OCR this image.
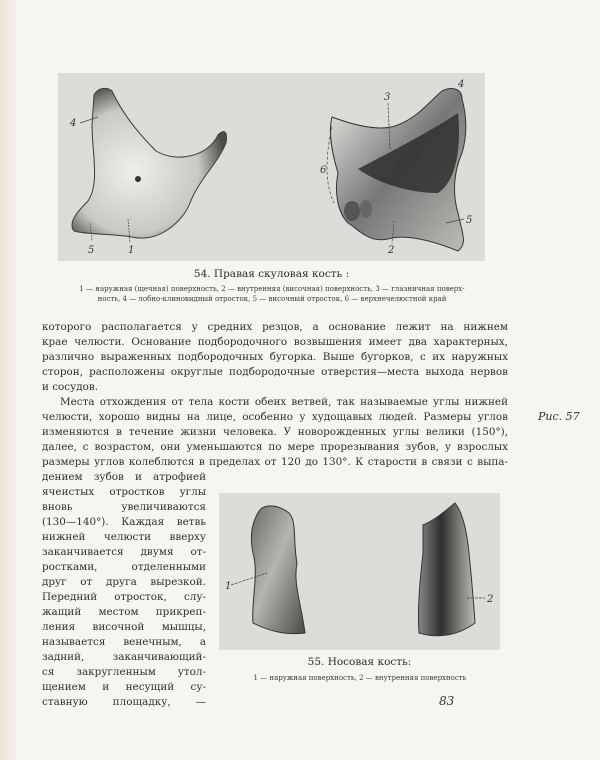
4
5	1
3
4
6
5
2
54. Правая скуловая кость :
1 — наружная (щечная) поверхность, 2 — внутренняя (височная) поверхность, 3 — глазничная поверх-
ность, 4 — лобно-клиновидный отросток, 5 — височный отросток, 6 — верхнечелюстной край
которого располагается у средних резцов, а основание лежит на нижнем
крае челюсти. Основание подбородочного возвышения имеет два характерных,
различно выраженных подбородочных бугорка. Выше бугорков, с их наружных
сторон, расположены округлые подбородочные отверстия—места выхода нервов
и сосудов.
Места отхождения от тела кости обеих ветвей, так называемые углы нижней
челюсти, хорошо видны на лице, особенно у худощавых людей. Размеры углов
изменяются в течение жизни человека. У новорожденных углы велики (150°),
далее, с возрастом, они уменьшаются по мере прорезывания зубов, у взрослых
размеры углов колеблются в пределах от 120 до 130°. К старости в связи с выпа-
дением зубов и атрофией
ячеистых отростков углы
вновь увеличиваются
(130—140°). Каждая ветвь
нижней челюсти вверху
заканчивается двумя от-
ростками, отделенными
друг от друга вырезкой.
Передний отросток, слу-
жащий местом прикреп-
ления височной мышцы,
называется венечным, а
задний, заканчивающий-
ся закругленным утол-
щением и несущий су-
ставную площадку, —
Рис. 57
1
2
55. Носовая кость:
1 — наружная поверхность, 2 — внутренняя поверхность
83
